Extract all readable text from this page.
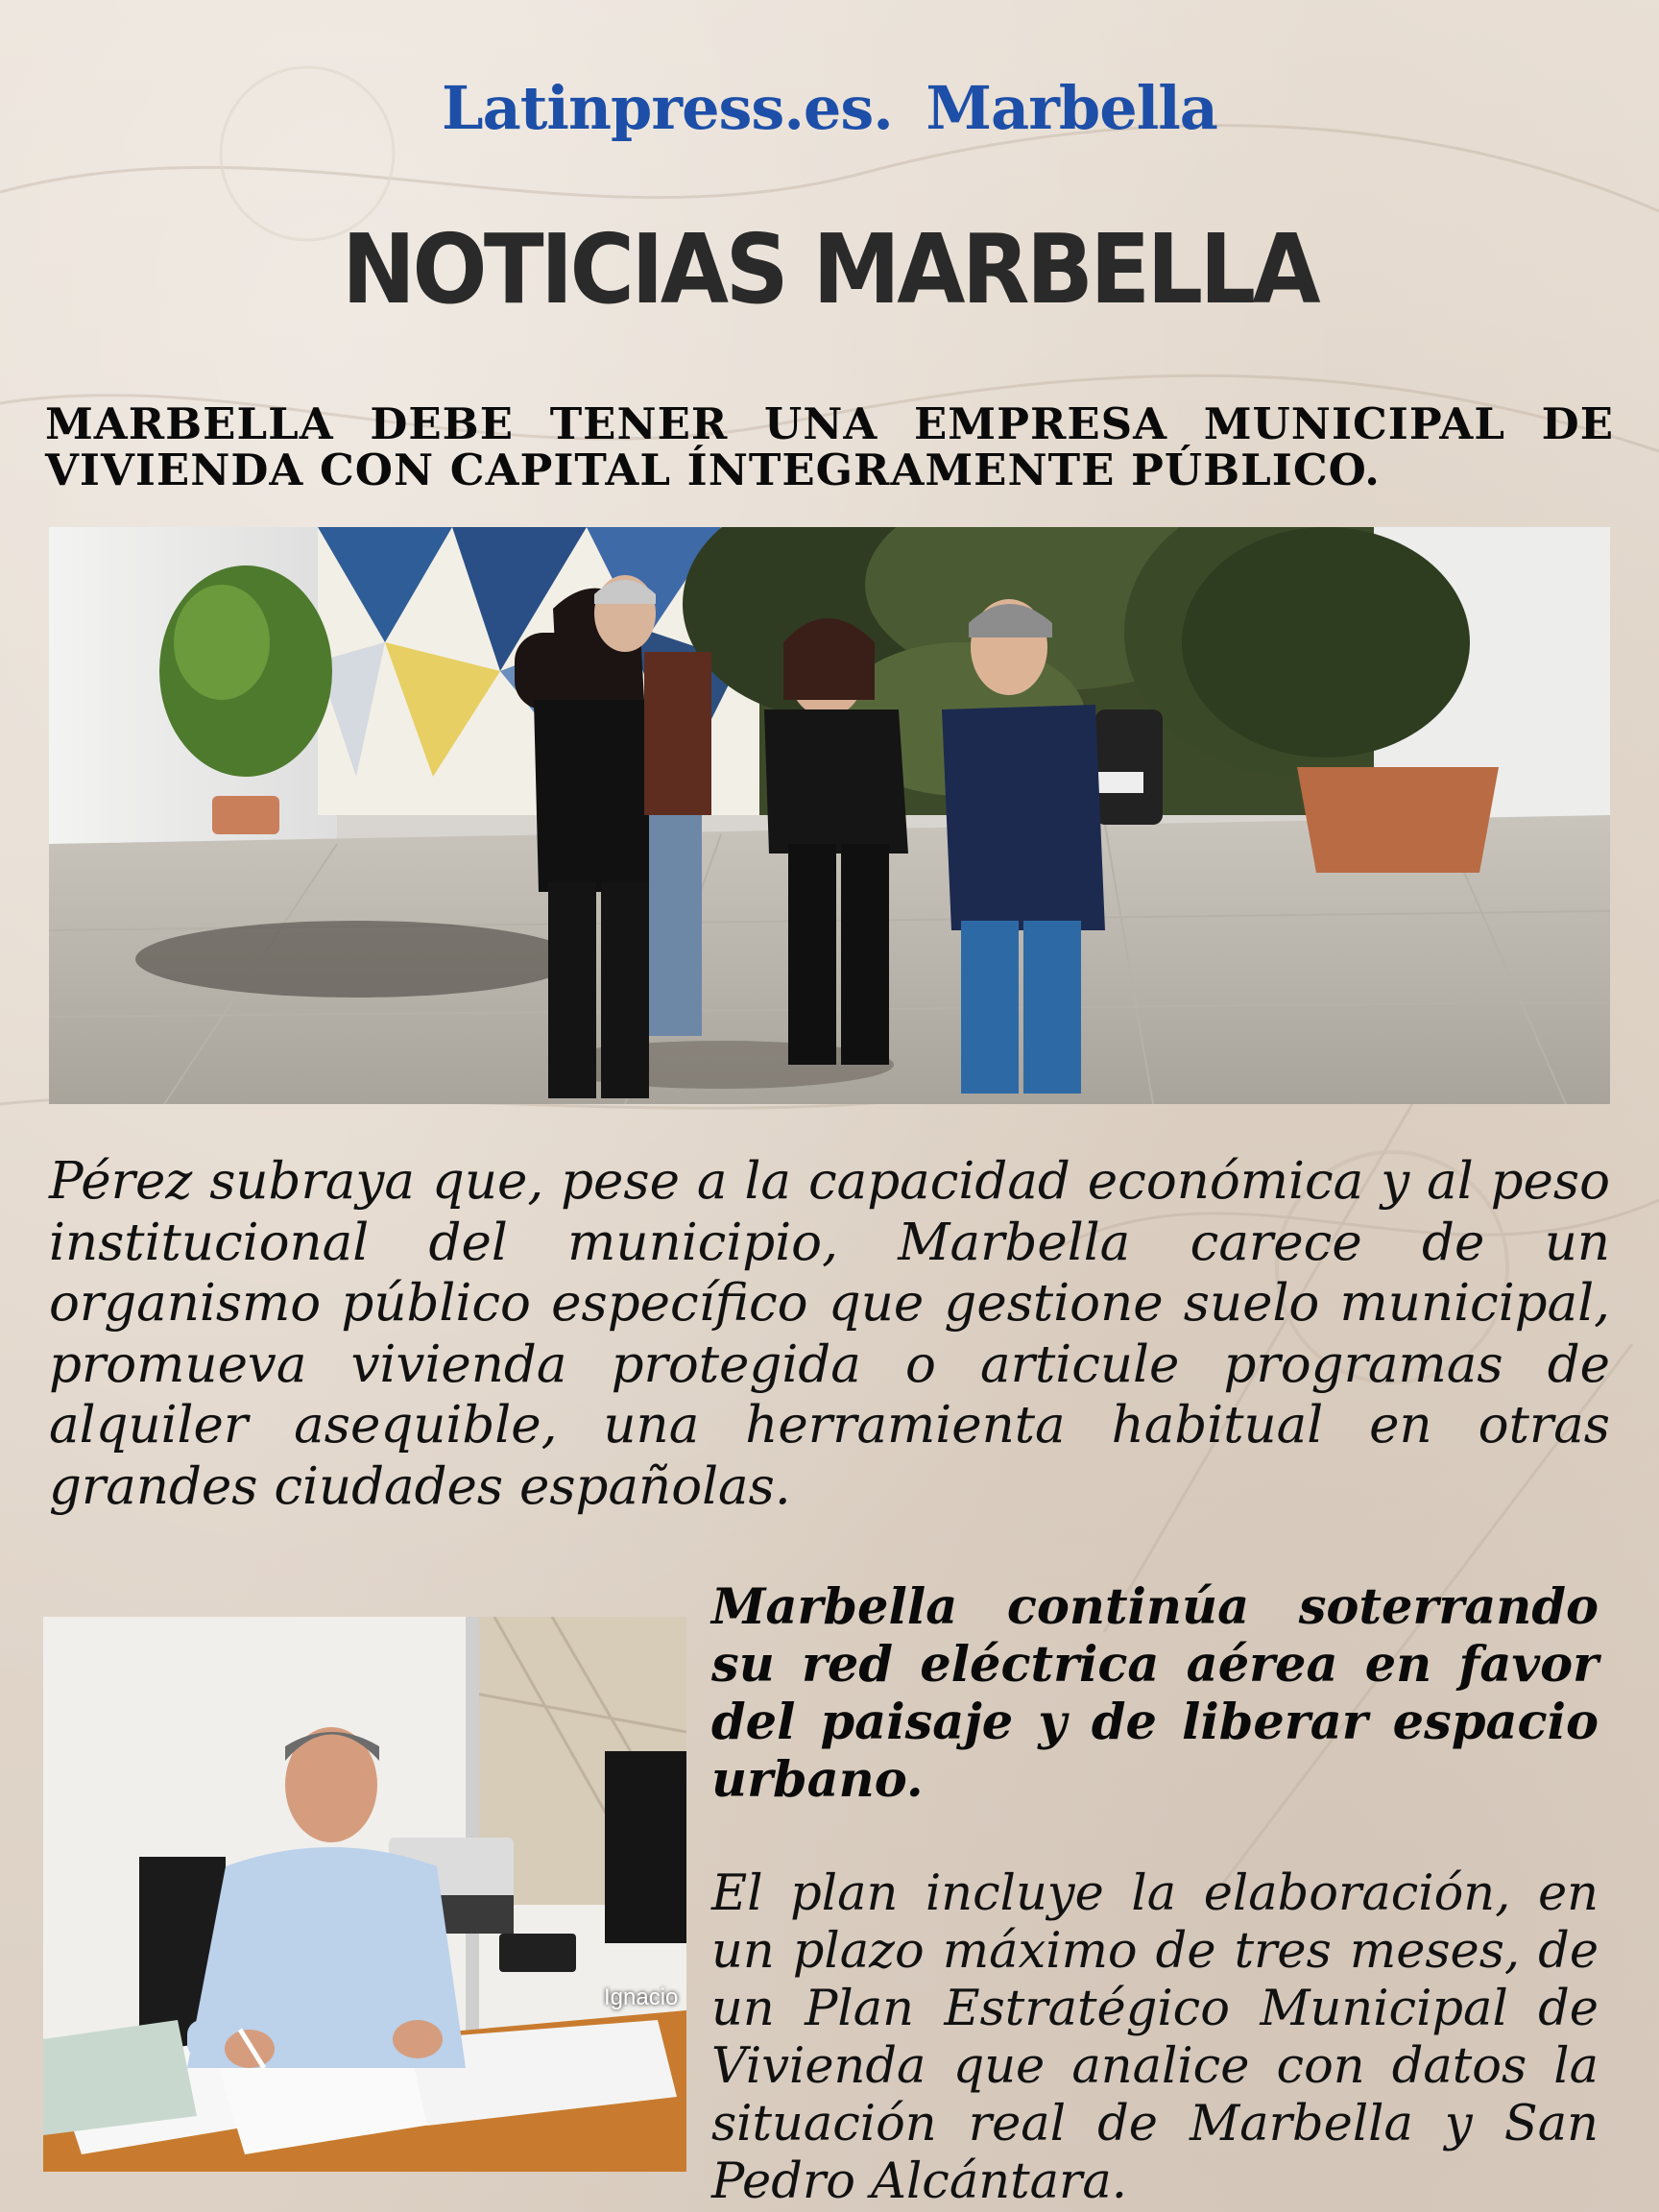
Latinpress.es. Marbella
NOTICIAS MARBELLA
MARBELLA DEBE TENER UNA EMPRESA MUNICIPAL DE VIVIENDA CON CAPITAL ÍNTEGRAMENTE PÚBLICO.
Pérez subraya que, pese a la capacidad económica y al peso institucional del municipio, Marbella carece de un organismo público específico que gestione suelo municipal, promueva vivienda protegida o articule programas de alquiler asequible, una herramienta habitual en otras grandes ciudades españolas.
Ignacio
Marbella continúa soterrando su red eléctrica aérea en favor del paisaje y de liberar espacio urbano.
El plan incluye la elaboración, en un plazo máximo de tres meses, de un Plan Estratégico Municipal de Vivienda que analice con datos la situación real de Marbella y San Pedro Alcántara.
